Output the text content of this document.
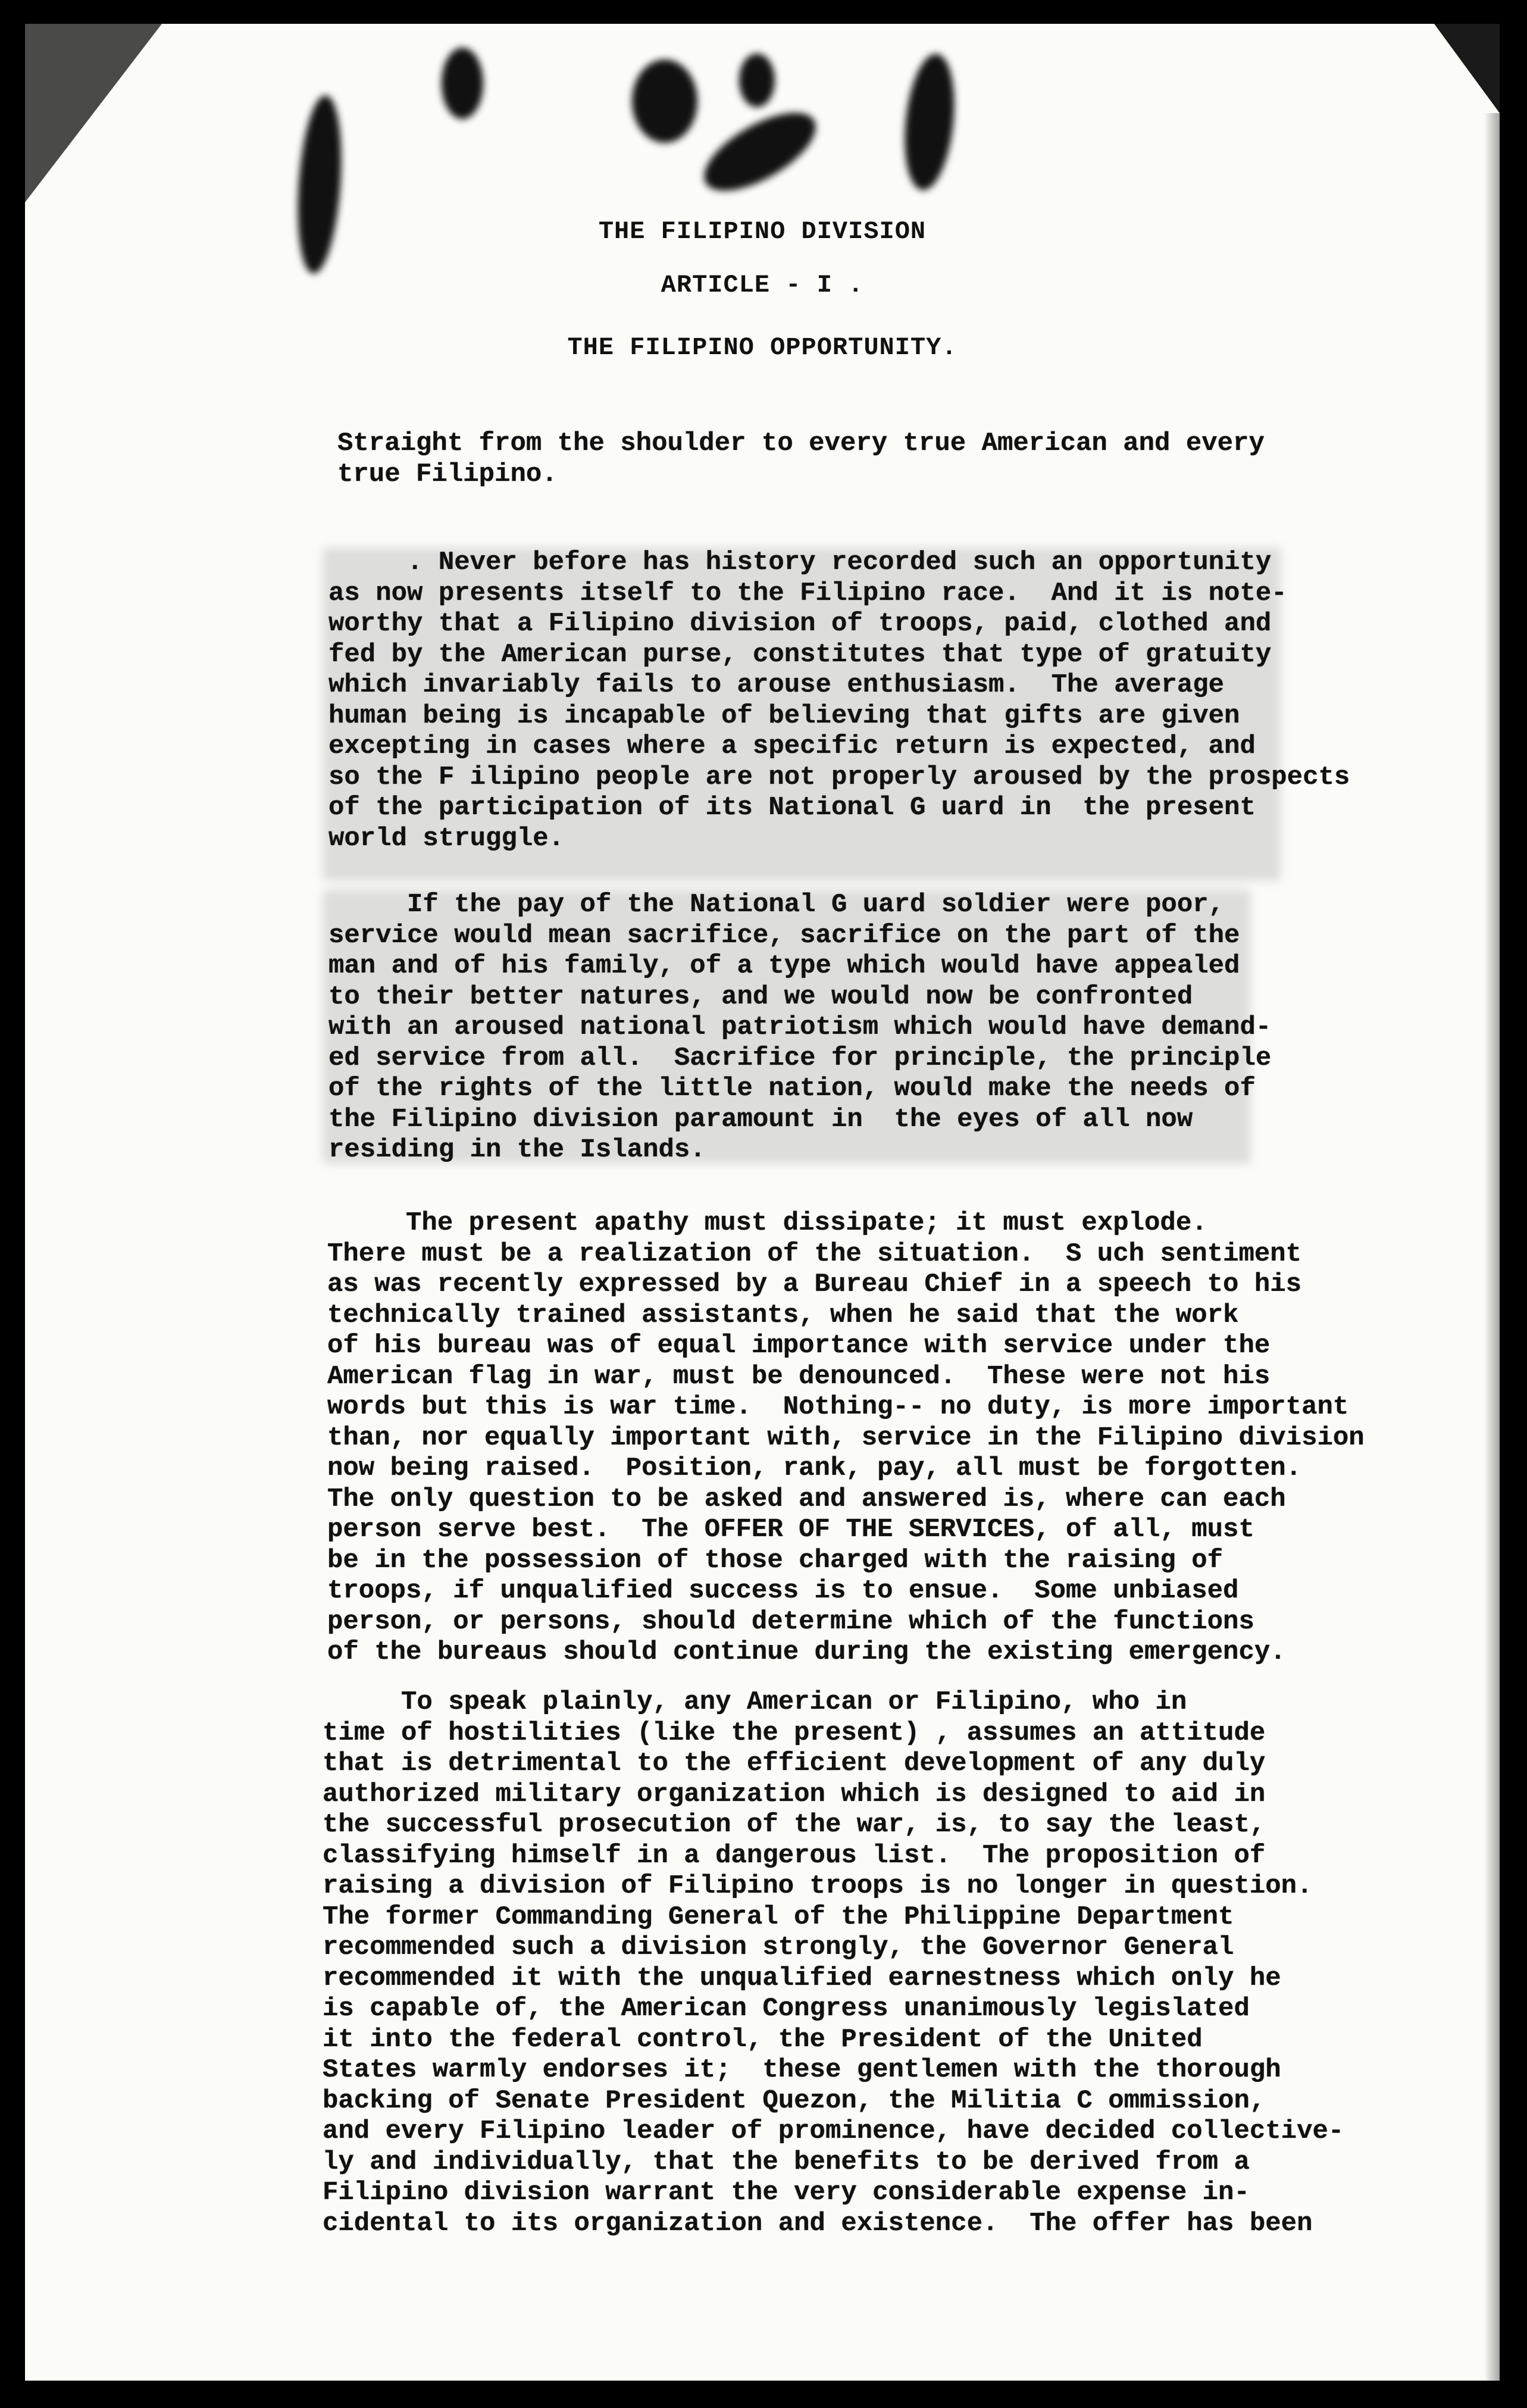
THE FILIPINO DIVISION
ARTICLE - I .
THE FILIPINO OPPORTUNITY.
Straight from the shoulder to every true American and every
true Filipino.
. Never before has history recorded such an opportunity
as now presents itself to the Filipino race.  And it is note-
worthy that a Filipino division of troops, paid, clothed and
fed by the American purse, constitutes that type of gratuity
which invariably fails to arouse enthusiasm.  The average
human being is incapable of believing that gifts are given
excepting in cases where a specific return is expected, and
so the F ilipino people are not properly aroused by the prospects
of the participation of its National G uard in  the present
world struggle.
If the pay of the National G uard soldier were poor,
service would mean sacrifice, sacrifice on the part of the
man and of his family, of a type which would have appealed
to their better natures, and we would now be confronted
with an aroused national patriotism which would have demand-
ed service from all.  Sacrifice for principle, the principle
of the rights of the little nation, would make the needs of
the Filipino division paramount in  the eyes of all now
residing in the Islands.
The present apathy must dissipate; it must explode.
There must be a realization of the situation.  S uch sentiment
as was recently expressed by a Bureau Chief in a speech to his
technically trained assistants, when he said that the work
of his bureau was of equal importance with service under the
American flag in war, must be denounced.  These were not his
words but this is war time.  Nothing-- no duty, is more important
than, nor equally important with, service in the Filipino division
now being raised.  Position, rank, pay, all must be forgotten.
The only question to be asked and answered is, where can each
person serve best.  The OFFER OF THE SERVICES, of all, must
be in the possession of those charged with the raising of
troops, if unqualified success is to ensue.  Some unbiased
person, or persons, should determine which of the functions
of the bureaus should continue during the existing emergency.
To speak plainly, any American or Filipino, who in
time of hostilities (like the present) , assumes an attitude
that is detrimental to the efficient development of any duly
authorized military organization which is designed to aid in
the successful prosecution of the war, is, to say the least,
classifying himself in a dangerous list.  The proposition of
raising a division of Filipino troops is no longer in question.
The former Commanding General of the Philippine Department
recommended such a division strongly, the Governor General
recommended it with the unqualified earnestness which only he
is capable of, the American Congress unanimously legislated
it into the federal control, the President of the United
States warmly endorses it;  these gentlemen with the thorough
backing of Senate President Quezon, the Militia C ommission,
and every Filipino leader of prominence, have decided collective-
ly and individually, that the benefits to be derived from a
Filipino division warrant the very considerable expense in-
cidental to its organization and existence.  The offer has been
